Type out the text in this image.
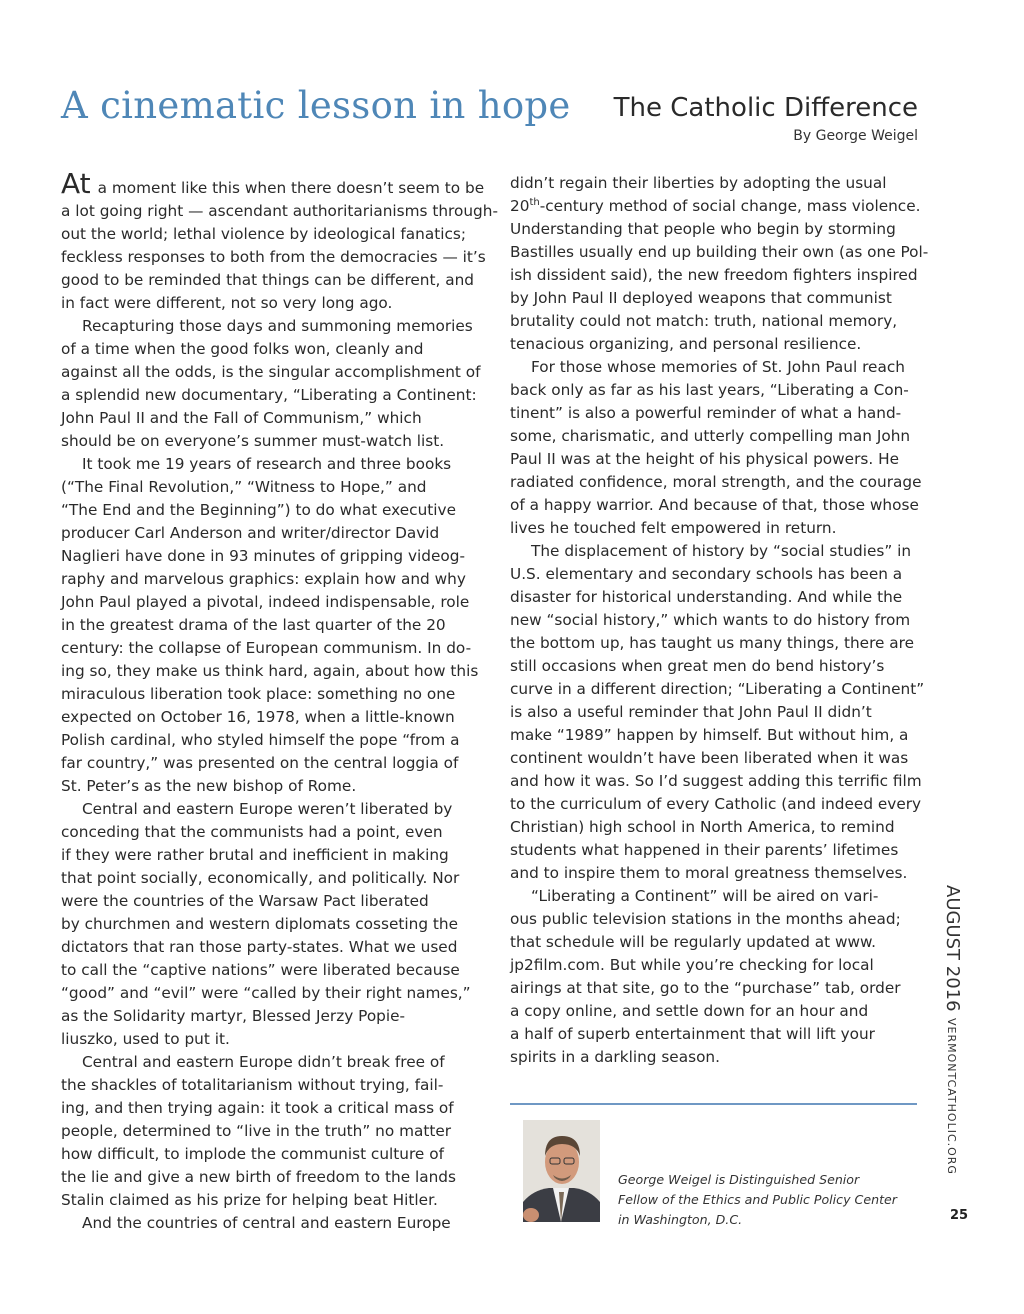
A cinematic lesson in hope The Catholic Difference
By George Weigel

At a moment like this when there doesn’t seem to be

a lot going right — ascendant authoritarianisms through-

out the world; lethal violence by ideological fanatics;

feckless responses to both from the democracies — it’s

good to be reminded that things can be different, and

in fact were different, not so very long ago.

Recapturing those days and summoning memories

of a time when the good folks won, cleanly and

against all the odds, is the singular accomplishment of

a splendid new documentary, “Liberating a Continent:

John Paul II and the Fall of Communism,” which

should be on everyone’s summer must-watch list.

It took me 19 years of research and three books

(“The Final Revolution,” “Witness to Hope,” and

“The End and the Beginning”) to do what executive

producer Carl Anderson and writer/director David

Naglieri have done in 93 minutes of gripping videog-

raphy and marvelous graphics: explain how and why

John Paul played a pivotal, indeed indispensable, role

in the greatest drama of the last quarter of the 20

century: the collapse of European communism. In do-

ing so, they make us think hard, again, about how this

miraculous liberation took place: something no one

expected on October 16, 1978, when a little-known

Polish cardinal, who styled himself the pope “from a

far country,” was presented on the central loggia of

St. Peter’s as the new bishop of Rome.

Central and eastern Europe weren’t liberated by

conceding that the communists had a point, even

if they were rather brutal and inefficient in making

that point socially, economically, and politically. Nor

were the countries of the Warsaw Pact liberated

by churchmen and western diplomats cosseting the

dictators that ran those party-states. What we used

to call the “captive nations” were liberated because

“good” and “evil” were “called by their right names,”

as the Solidarity martyr, Blessed Jerzy Popie-

liuszko, used to put it.

Central and eastern Europe didn’t break free of

the shackles of totalitarianism without trying, fail-

ing, and then trying again: it took a critical mass of

people, determined to “live in the truth” no matter

how difficult, to implode the communist culture of

the lie and give a new birth of freedom to the lands

Stalin claimed as his prize for helping beat Hitler.

And the countries of central and eastern Europe

didn’t regain their liberties by adopting the usual

20th-century method of social change, mass violence.

Understanding that people who begin by storming

Bastilles usually end up building their own (as one Pol-

ish dissident said), the new freedom fighters inspired

by John Paul II deployed weapons that communist

brutality could not match: truth, national memory,

tenacious organizing, and personal resilience.

For those whose memories of St. John Paul reach

back only as far as his last years, “Liberating a Con-

tinent” is also a powerful reminder of what a hand-

some, charismatic, and utterly compelling man John

Paul II was at the height of his physical powers. He

radiated confidence, moral strength, and the courage

of a happy warrior. And because of that, those whose

lives he touched felt empowered in return.

The displacement of history by “social studies” in

U.S. elementary and secondary schools has been a

disaster for historical understanding. And while the

new “social history,” which wants to do history from

the bottom up, has taught us many things, there are

still occasions when great men do bend history’s

curve in a different direction; “Liberating a Continent”

is also a useful reminder that John Paul II didn’t

make “1989” happen by himself. But without him, a

continent wouldn’t have been liberated when it was

and how it was. So I’d suggest adding this terrific film

to the curriculum of every Catholic (and indeed every

Christian) high school in North America, to remind

students what happened in their parents’ lifetimes

and to inspire them to moral greatness themselves.

“Liberating a Continent” will be aired on vari-

ous public television stations in the months ahead;

that schedule will be regularly updated at www.

jp2film.com. But while you’re checking for local

airings at that site, go to the “purchase” tab, order

a copy online, and settle down for an hour and

a half of superb entertainment that will lift your

spirits in a darkling season.

George Weigel is Distinguished Senior

Fellow of the Ethics and Public Policy Center

in Washington, D.C.

AUGUST 2016
VERMONTCATHOLIC.ORG
25
